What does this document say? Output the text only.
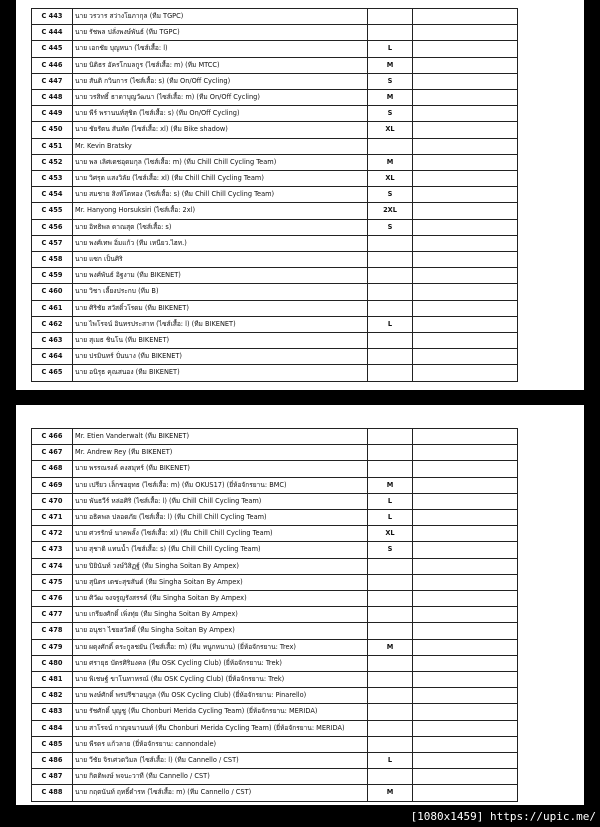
C 443	นาย วรวาร สว่างโยภากุล (ทีม TGPC)		
C 444	นาย รัชพล ปลั่งพงษ์พันธ์ (ทีม TGPC)		
C 445	นาย เอกชัย บุญหนา (ไซส์เสื้อ: l)	L	
C 446	นาย นิติธร อัครโกมลกูร (ไซส์เสื้อ: m) (ทีม MTCC)	M	
C 447	นาย สันติ กวินการ (ไซส์เสื้อ: s) (ทีม On/Off Cycling)	S	
C 448	นาย วรสิทธิ์ ธาดาบุญวัฒนา (ไซส์เสื้อ: m) (ทีม On/Off Cycling)	M	
C 449	นาย พีร์ พรานนท์สุชิต (ไซส์เสื้อ: s) (ทีม On/Off Cycling)	S	
C 450	นาย ชัยรัตน สันทัด (ไซส์เสื้อ: xl) (ทีม Bike shadow)	XL	
C 451	Mr. Kevin Bratsky		
C 452	นาย พล เลิศเดชอุดมกุล (ไซส์เสื้อ: m) (ทีม Chill Chill Cycling Team)	M	
C 453	นาย วิศรุต แสงวิลัย (ไซส์เสื้อ: xl) (ทีม Chill Chill Cycling Team)	XL	
C 454	นาย สมชาย สิงห์โตทอง (ไซส์เสื้อ: s) (ทีม Chill Chill Cycling Team)	S	
C 455	Mr. Hanyong Horsuksiri (ไซส์เสื้อ: 2xl)	2XL	
C 456	นาย อิทธิพล ดาณสุต (ไซส์เสื้อ: s)	S	
C 457	นาย พงศ์เทพ อิ่มแก้ว (ทีม เหนียว.ไฮท.)		
C 458	นาย แซก เป็นศิริ		
C 459	นาย พงศ์พันธ์ อิฐงาม (ทีม BIKENET)		
C 460	นาย วิชา เลี้ยงประกบ (ทีม B)		
C 461	นาย ศิริชัย สวัสดิ์วโรดม (ทีม BIKENET)		
C 462	นาย ไพโรจน์ อินทรประสาท (ไซส์เสื้อ: l) (ทีม BIKENET)	L	
C 463	นาย สุเมธ ชินโน (ทีม BIKENET)		
C 464	นาย ปรมินทร์ ปั่นนาง (ทีม BIKENET)		
C 465	นาย อนิรุธ คุณสนอง (ทีม BIKENET)		
C 466	Mr. Etien Vanderwalt (ทีม BIKENET)		
C 467	Mr. Andrew Rey (ทีม BIKENET)		
C 468	นาย พรรณรงค์ คงสมุทร์ (ทีม BIKENET)		
C 469	นาย เปรียว เล็กชอยุทธ (ไซส์เสื้อ: m) (ทีม OKUS17) (ยี่ห้อจักรยาน: BMC)	M	
C 470	นาย พันธวีร์ หล่อศิริ (ไซส์เสื้อ: l) (ทีม Chill Chill Cycling Team)	L	
C 471	นาย อธิคพล ปลอดภัย (ไซส์เสื้อ: l) (ทีม Chill Chill Cycling Team)	L	
C 472	นาย ศวรรักษ์ นาคพลั้ง (ไซส์เสื้อ: xl) (ทีม Chill Chill Cycling Team)	XL	
C 473	นาย สุชาติ แทนน้ำ (ไซส์เสื้อ: s) (ทีม Chill Chill Cycling Team)	S	
C 474	นาย ปิยินันท์ วงษ์วิสิฏฐ์ (ทีม Singha Soitan By Ampex)		
C 475	นาย สุนิตร เดชะสุขสันต์ (ทีม Singha Soitan By Ampex)		
C 476	นาย ศิวัฒ จงจรูญรังสรรค์ (ทีม Singha Soitan By Ampex)		
C 477	นาย เกรียงศักดิ์ เพิ่งทุ่ย (ทีม Singha Soitan By Ampex)		
C 478	นาย อนุชา ไชยสวัสดิ์ (ทีม Singha Soitan By Ampex)		
C 479	นาย ผดุงศักดิ์ ตระกูลชยัน (ไซส์เสื้อ: m) (ทีม หนูกหนาน) (ยี่ห้อจักรยาน: Trex)	M	
C 480	นาย ศรายุธ บัตรศิริมงคล (ทีม OSK Cycling Club) (ยี่ห้อจักรยาน: Trek)		
C 481	นาย พิเชษฐ์ ขาโนทาหรณ์ (ทีม OSK Cycling Club) (ยี่ห้อจักรยาน: Trek)		
C 482	นาย พงษ์ศักดิ์ พรปรีชาอนุกูล (ทีม OSK Cycling Club) (ยี่ห้อจักรยาน: Pinarello)		
C 483	นาย รัชศักดิ์ บุญชู (ทีม Chonburi Merida Cycling Team) (ยี่ห้อจักรยาน: MERIDA)		
C 484	นาย สาโรจน์ กาญจนานนท์ (ทีม Chonburi Merida Cycling Team) (ยี่ห้อจักรยาน: MERIDA)		
C 485	นาย พีรดร แก้วลาย (ยี่ห้อจักรยาน: cannondale)		
C 486	นาย วีชัย จิรเศวตวิมล (ไซส์เสื้อ: l) (ทีม Cannello / CST)	L	
C 487	นาย กิตติพงษ์ พจนะวาที (ทีม Cannello / CST)		
C 488	นาย กฤตนันท์ ฤทธิ์ดำรห (ไซส์เสื้อ: m) (ทีม Cannello / CST)	M	
[1080x1459] https://upic.me/
